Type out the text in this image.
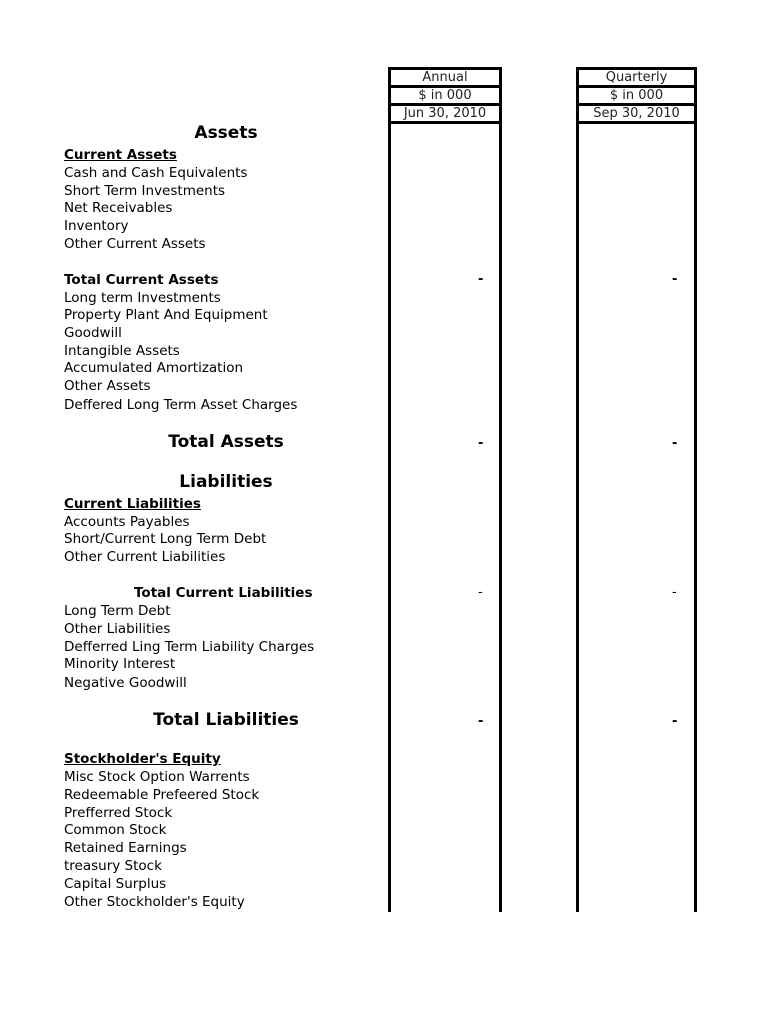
Annual
$ in 000
Jun 30, 2010
Quarterly
$ in 000
Sep 30, 2010
Assets
Current Assets
Cash and Cash Equivalents
Short Term Investments
Net Receivables
Inventory
Other Current Assets
Total Current Assets	-	-
Long term Investments
Property Plant And Equipment
Goodwill
Intangible Assets
Accumulated Amortization
Other Assets
Deffered Long Term Asset Charges
Total Assets	-	-
Liabilities
Current Liabilities
Accounts Payables
Short/Current Long Term Debt
Other Current Liabilities
Total Current Liabilities	-	-
Long Term Debt
Other Liabilities
Defferred Ling Term Liability Charges
Minority Interest
Negative Goodwill
Total Liabilities	-	-
Stockholder's Equity
Misc Stock Option Warrents
Redeemable Prefeered Stock
Prefferred Stock
Common Stock
Retained Earnings
treasury Stock
Capital Surplus
Other Stockholder's Equity
